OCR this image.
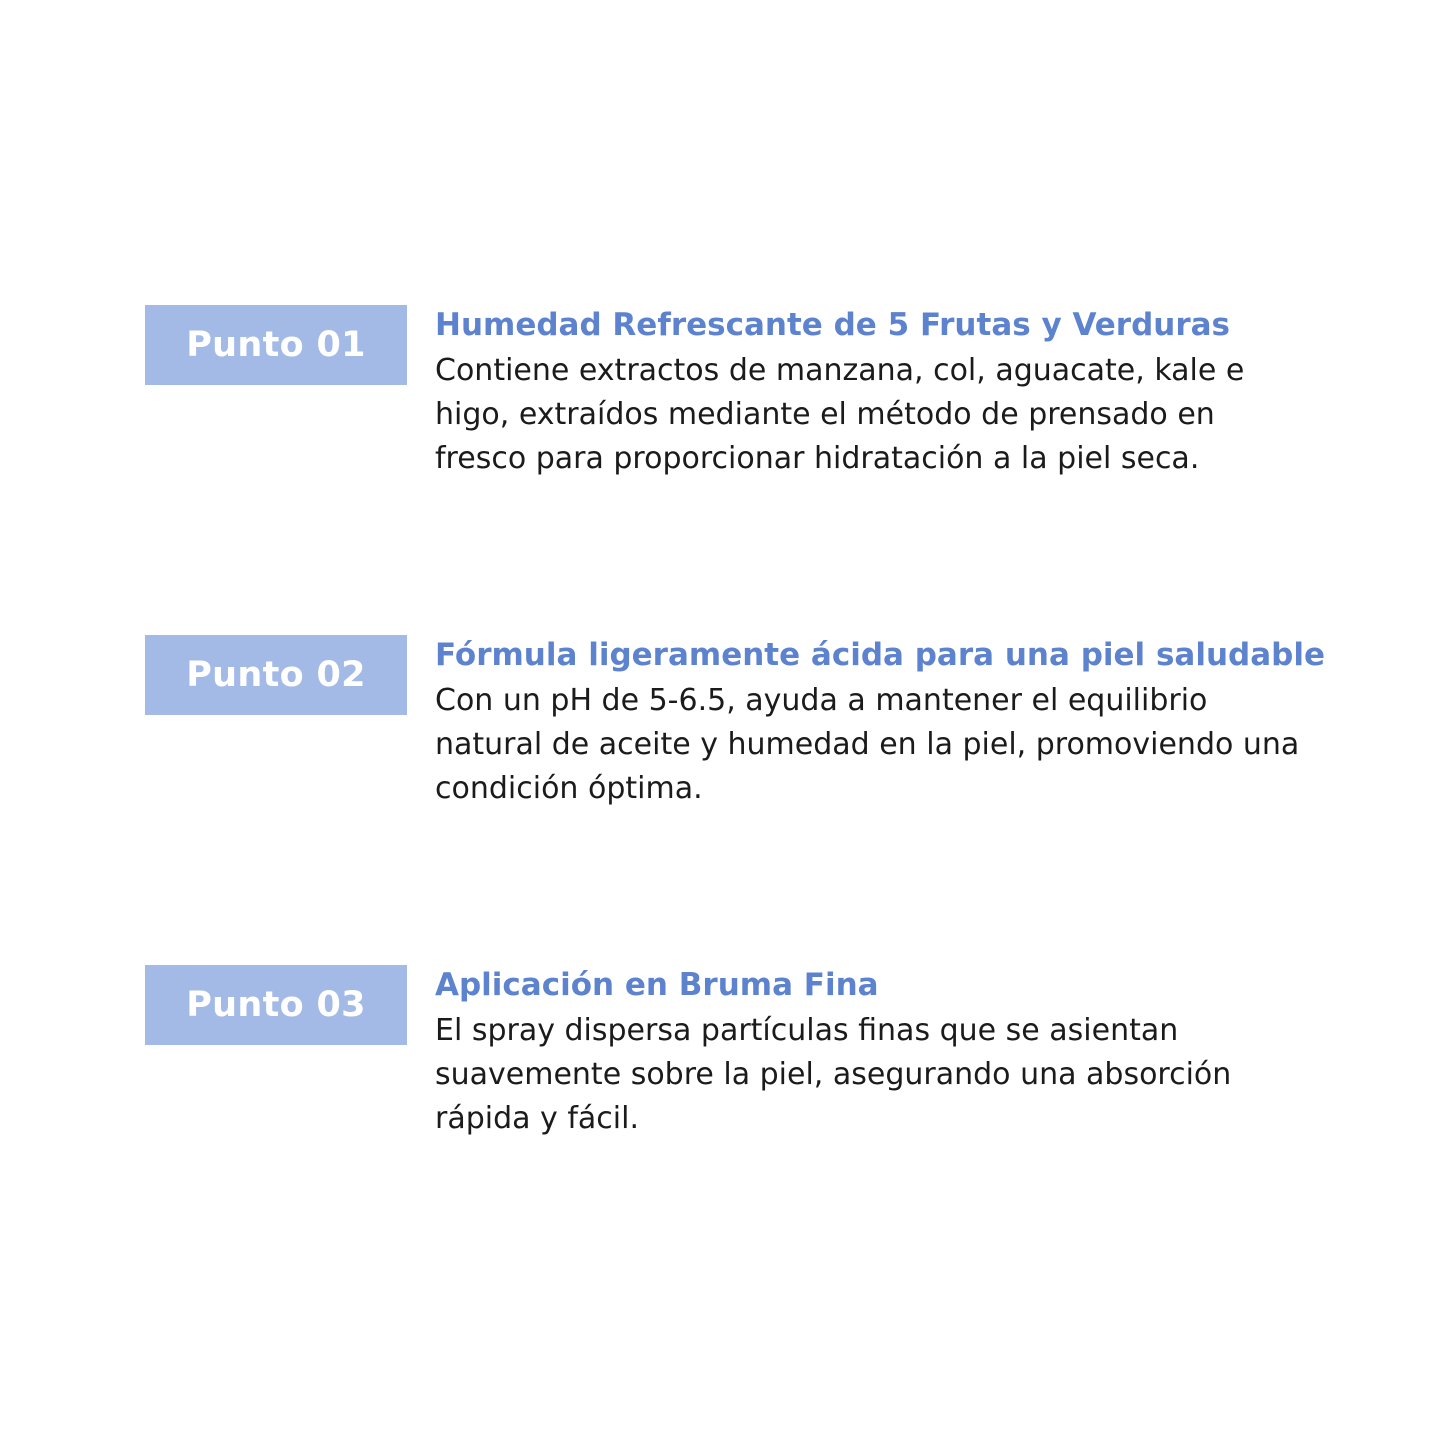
Punto 01	Humedad Refrescante de 5 Frutas y Verduras

Contiene extractos de manzana, col, aguacate, kale e higo, extraídos mediante el método de prensado en fresco para proporcionar hidratación a la piel seca.

Punto 02	Fórmula ligeramente ácida para una piel saludable

Con un pH de 5-6.5, ayuda a mantener el equilibrio natural de aceite y humedad en la piel, promoviendo una condición óptima.

Punto 03	Aplicación en Bruma Fina

El spray dispersa partículas finas que se asientan suavemente sobre la piel, asegurando una absorción rápida y fácil.
